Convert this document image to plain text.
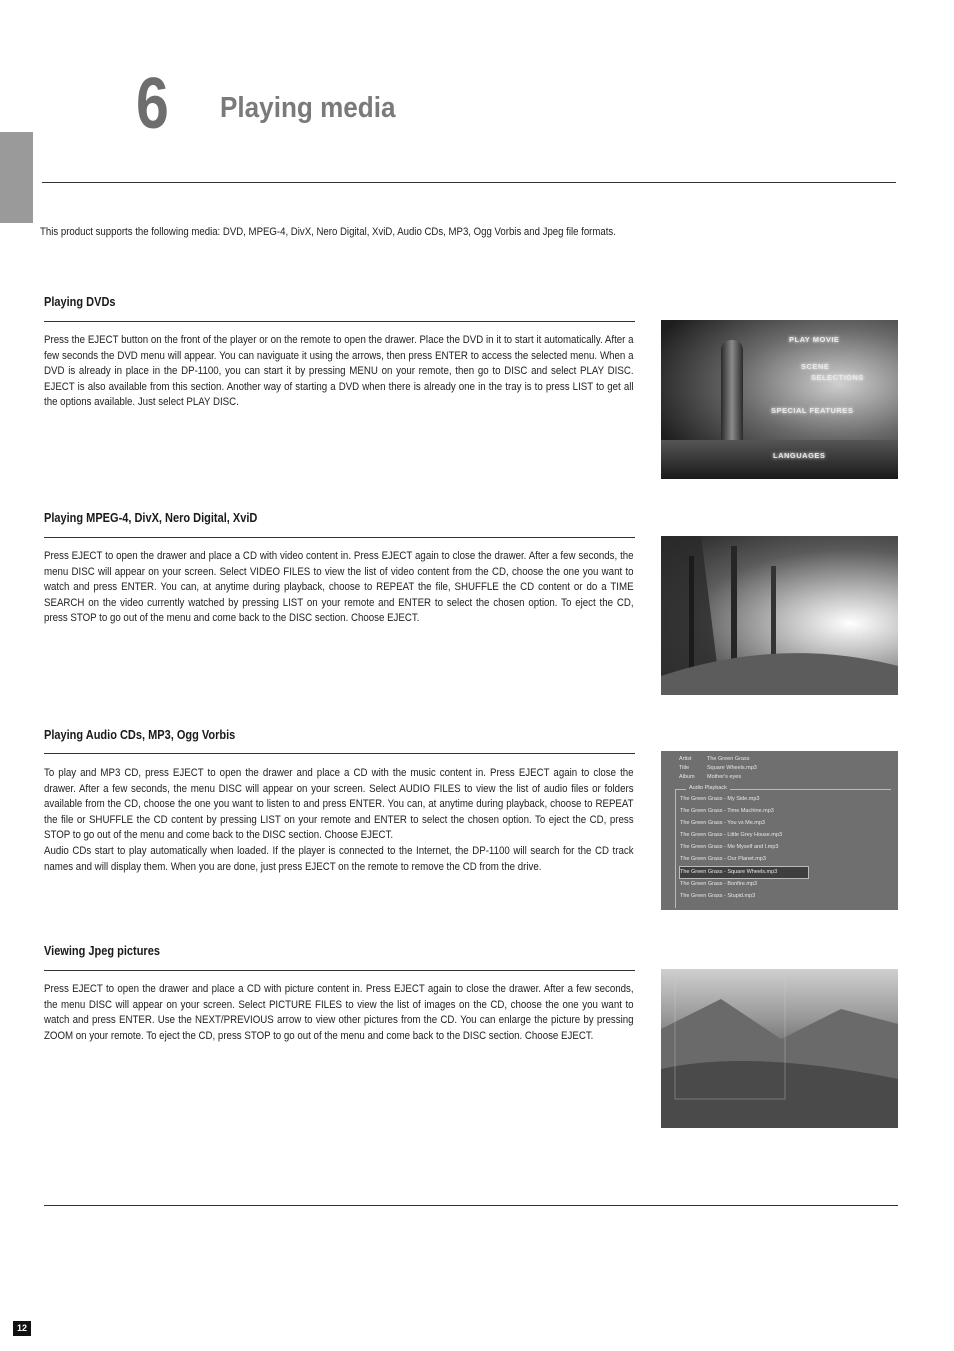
6 Playing media
This product supports the following media: DVD, MPEG-4, DivX, Nero Digital, XviD, Audio CDs, MP3, Ogg Vorbis and Jpeg file formats.
Playing DVDs

Press the EJECT button on the front of the player or on the remote to open the drawer. Place the DVD in it to start it automatically. After a few seconds the DVD menu will appear. You can naviguate it using the arrows, then press ENTER to access the selected menu. When a DVD is already in place in the DP-1100, you can start it by pressing MENU on your remote, then go to DISC and select PLAY DISC. EJECT is also available from this section. Another way of starting a DVD when there is already one in the tray is to press LIST to get all the options available. Just select PLAY DISC.

PLAY MOVIE
SCENE
SELECTIONS
SPECIAL FEATURES
LANGUAGES
Playing MPEG-4, DivX, Nero Digital, XviD

Press EJECT to open the drawer and place a CD with video content in. Press EJECT again to close the drawer. After a few seconds, the menu DISC will appear on your screen. Select VIDEO FILES to view the list of video content from the CD, choose the one you want to watch and press ENTER. You can, at anytime during playback, choose to REPEAT the file, SHUFFLE the CD content or do a TIME SEARCH on the video currently watched by pressing LIST on your remote and ENTER to select the chosen option. To eject the CD, press STOP to go out of the menu and come back to the DISC section. Choose EJECT.

Playing Audio CDs, MP3, Ogg Vorbis

To play and MP3 CD, press EJECT to open the drawer and place a CD with the music content in. Press EJECT again to close the drawer. After a few seconds, the menu DISC will appear on your screen. Select AUDIO FILES to view the list of audio files or folders available from the CD, choose the one you want to listen to and press ENTER. You can, at anytime during playback, choose to REPEAT the file or SHUFFLE the CD content by pressing LIST on your remote and ENTER to select the chosen option. To eject the CD, press STOP to go out of the menu and come back to the DISC section. Choose EJECT.

Audio CDs start to play automatically when loaded. If the player is connected to the Internet, the DP-1100 will search for the CD track names and will display them. When you are done, just press EJECT on the remote to remove the CD from the drive.

Artist	The Green Grass
Title	Square Wheels.mp3
Album Mother's eyes
Audio Playback
The Green Grass - My Side.mp3
The Green Grass - Time Machine.mp3
The Green Grass - You vs Me.mp3
The Green Grass - Little Grey House.mp3
The Green Grass - Me Myself and I.mp3
The Green Grass - Our Planet.mp3
The Green Grass - Square Wheels.mp3
The Green Grass - Bonfire.mp3
The Green Grass - Stupid.mp3
Viewing Jpeg pictures

Press EJECT to open the drawer and place a CD with picture content in. Press EJECT again to close the drawer. After a few seconds, the menu DISC will appear on your screen. Select PICTURE FILES to view the list of images on the CD, choose the one you want to watch and press ENTER. Use the NEXT/PREVIOUS arrow to view other pictures from the CD. You can enlarge the picture by pressing ZOOM on your remote. To eject the CD, press STOP to go out of the menu and come back to the DISC section. Choose EJECT.

12
